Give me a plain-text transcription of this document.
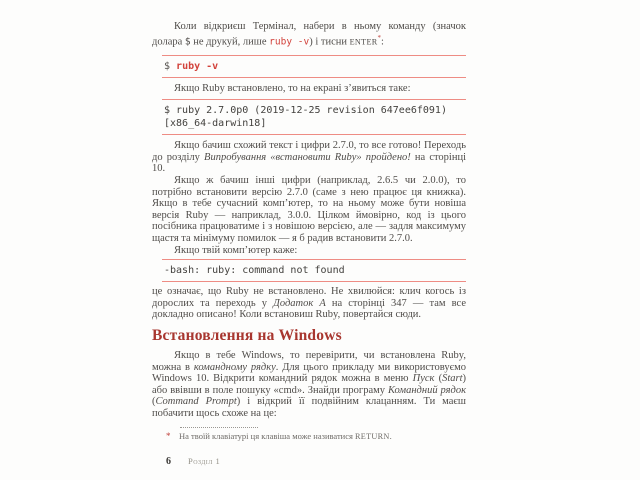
Коли відкриєш Термінал, набери в ньому команду (значок долара $ не друкуй, лише ruby -v) і тисни ENTER*:

$ ruby -v

Якщо Ruby встановлено, то на екрані з’явиться таке:

$ ruby 2.7.0p0 (2019-12-25 revision 647ee6f091)
[x86_64-darwin18]

Якщо бачиш схожий текст і цифри 2.7.0, то все готово! Переходь до розділу Випробування «встановити Ruby» пройдено! на сторінці 10.

Якщо ж бачиш інші цифри (наприклад, 2.6.5 чи 2.0.0), то потрібно встановити версію 2.7.0 (саме з нею працює ця книжка). Якщо в тебе сучасний комп’ютер, то на ньому може бути новіша версія Ruby — наприклад, 3.0.0. Цілком ймовірно, код із цього посібника працюватиме і з новішою версією, але — задля максимуму щастя та мінімуму помилок — я б радив встановити 2.7.0.

Якщо твій комп’ютер каже:

-bash: ruby: command not found

це означає, що Ruby не встановлено. Не хвилюйся: клич когось із дорослих та переходь у Додаток А на сторінці 347 — там все докладно описано! Коли встановиш Ruby, повертайся сюди.

Встановлення на Windows

Якщо в тебе Windows, то перевірити, чи встановлена Ruby, можна в командному рядку. Для цього прикладу ми використовуємо Windows 10. Відкрити командний рядок можна в меню Пуск (Start) або ввівши в поле пошуку «cmd». Знайди програму Командний рядок (Command Prompt) і відкрий її подвійним клацанням. Ти маєш побачити щось схоже на це:

*	На твоїй клавіатурі ця клавіша може називатися RETURN.
6 Розділ 1
